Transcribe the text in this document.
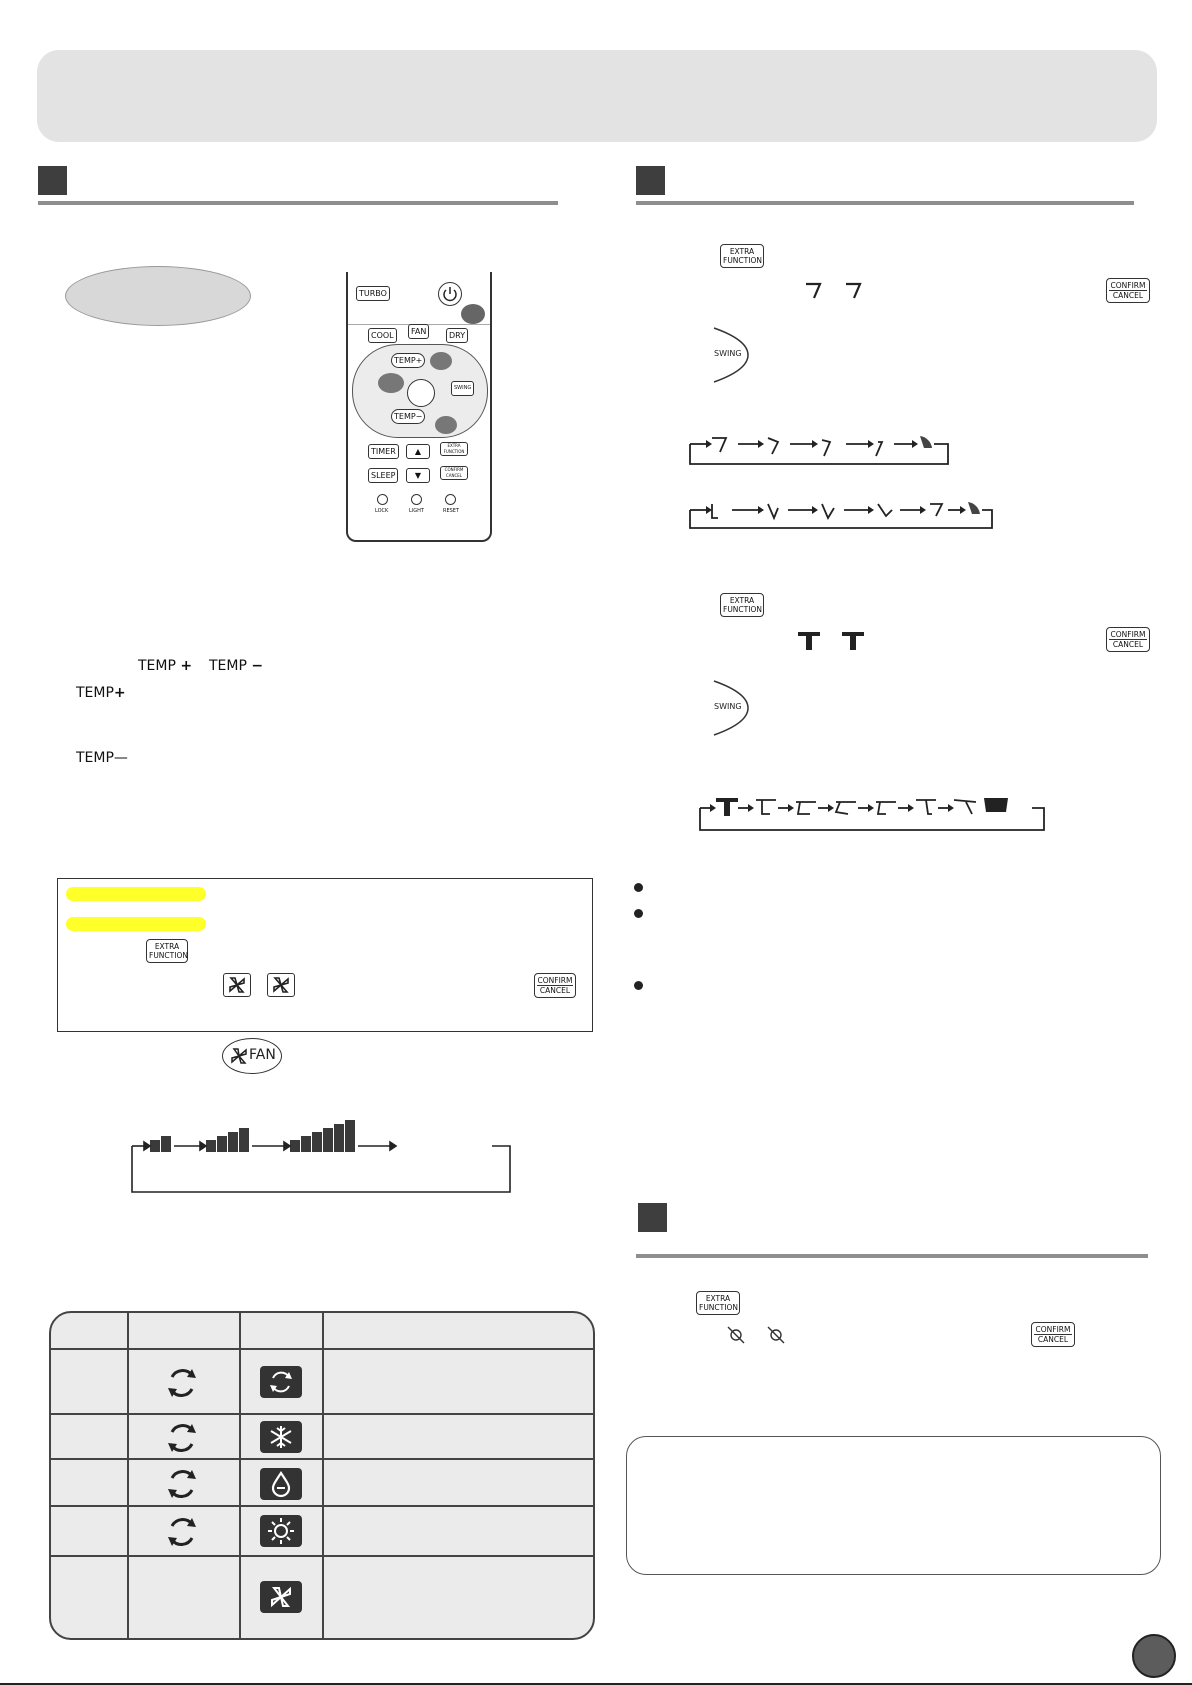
TURBO
COOL	FAN	DRY
TEMP+
TEMP−
SWING
TIMER	▲
EXTRA FUNCTION
SLEEP	▼
CONFIRM CANCEL
LOCK	LIGHT	RESET
TEMP + TEMP −
TEMP+
TEMP—
EXTRA
FUNCTION
CONFIRM
CANCEL
FAN
EXTRA
FUNCTION
CONFIRM
CANCEL
SWING
EXTRA
FUNCTION
CONFIRM
CANCEL
SWING
EXTRA
FUNCTION
CONFIRM
CANCEL
